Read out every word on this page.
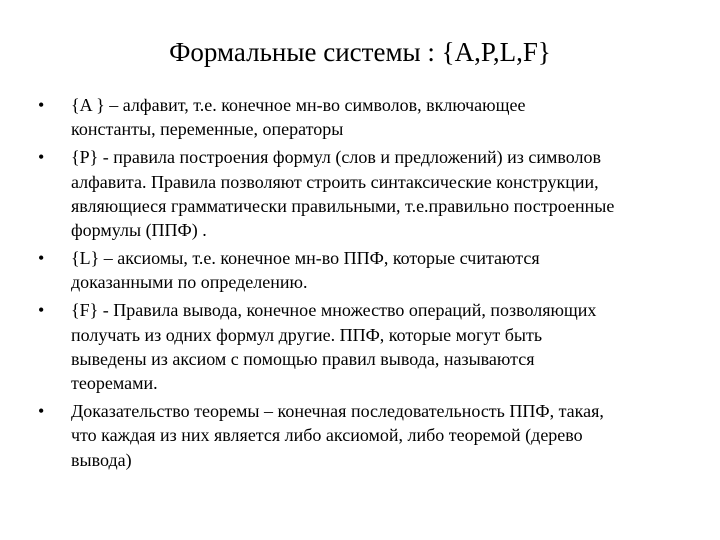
Формальные системы : {A,P,L,F}
•	{A } – алфавит, т.е. конечное мн-во символов, включающее
константы, переменные, операторы
•	{P} - правила построения формул (слов и предложений) из символов
алфавита. Правила позволяют строить синтаксические конструкции,
являющиеся грамматически правильными, т.е.правильно построенные
формулы (ППФ) .
•	{L} – аксиомы, т.е. конечное мн-во ППФ, которые считаются
доказанными по определению.
•	{F} - Правила вывода, конечное множество операций, позволяющих
получать из одних формул другие. ППФ, которые могут быть
выведены из аксиом с помощью правил вывода, называются
теоремами.
•	Доказательство теоремы – конечная последовательность ППФ, такая,
что каждая из них является либо аксиомой, либо теоремой (дерево
вывода)
